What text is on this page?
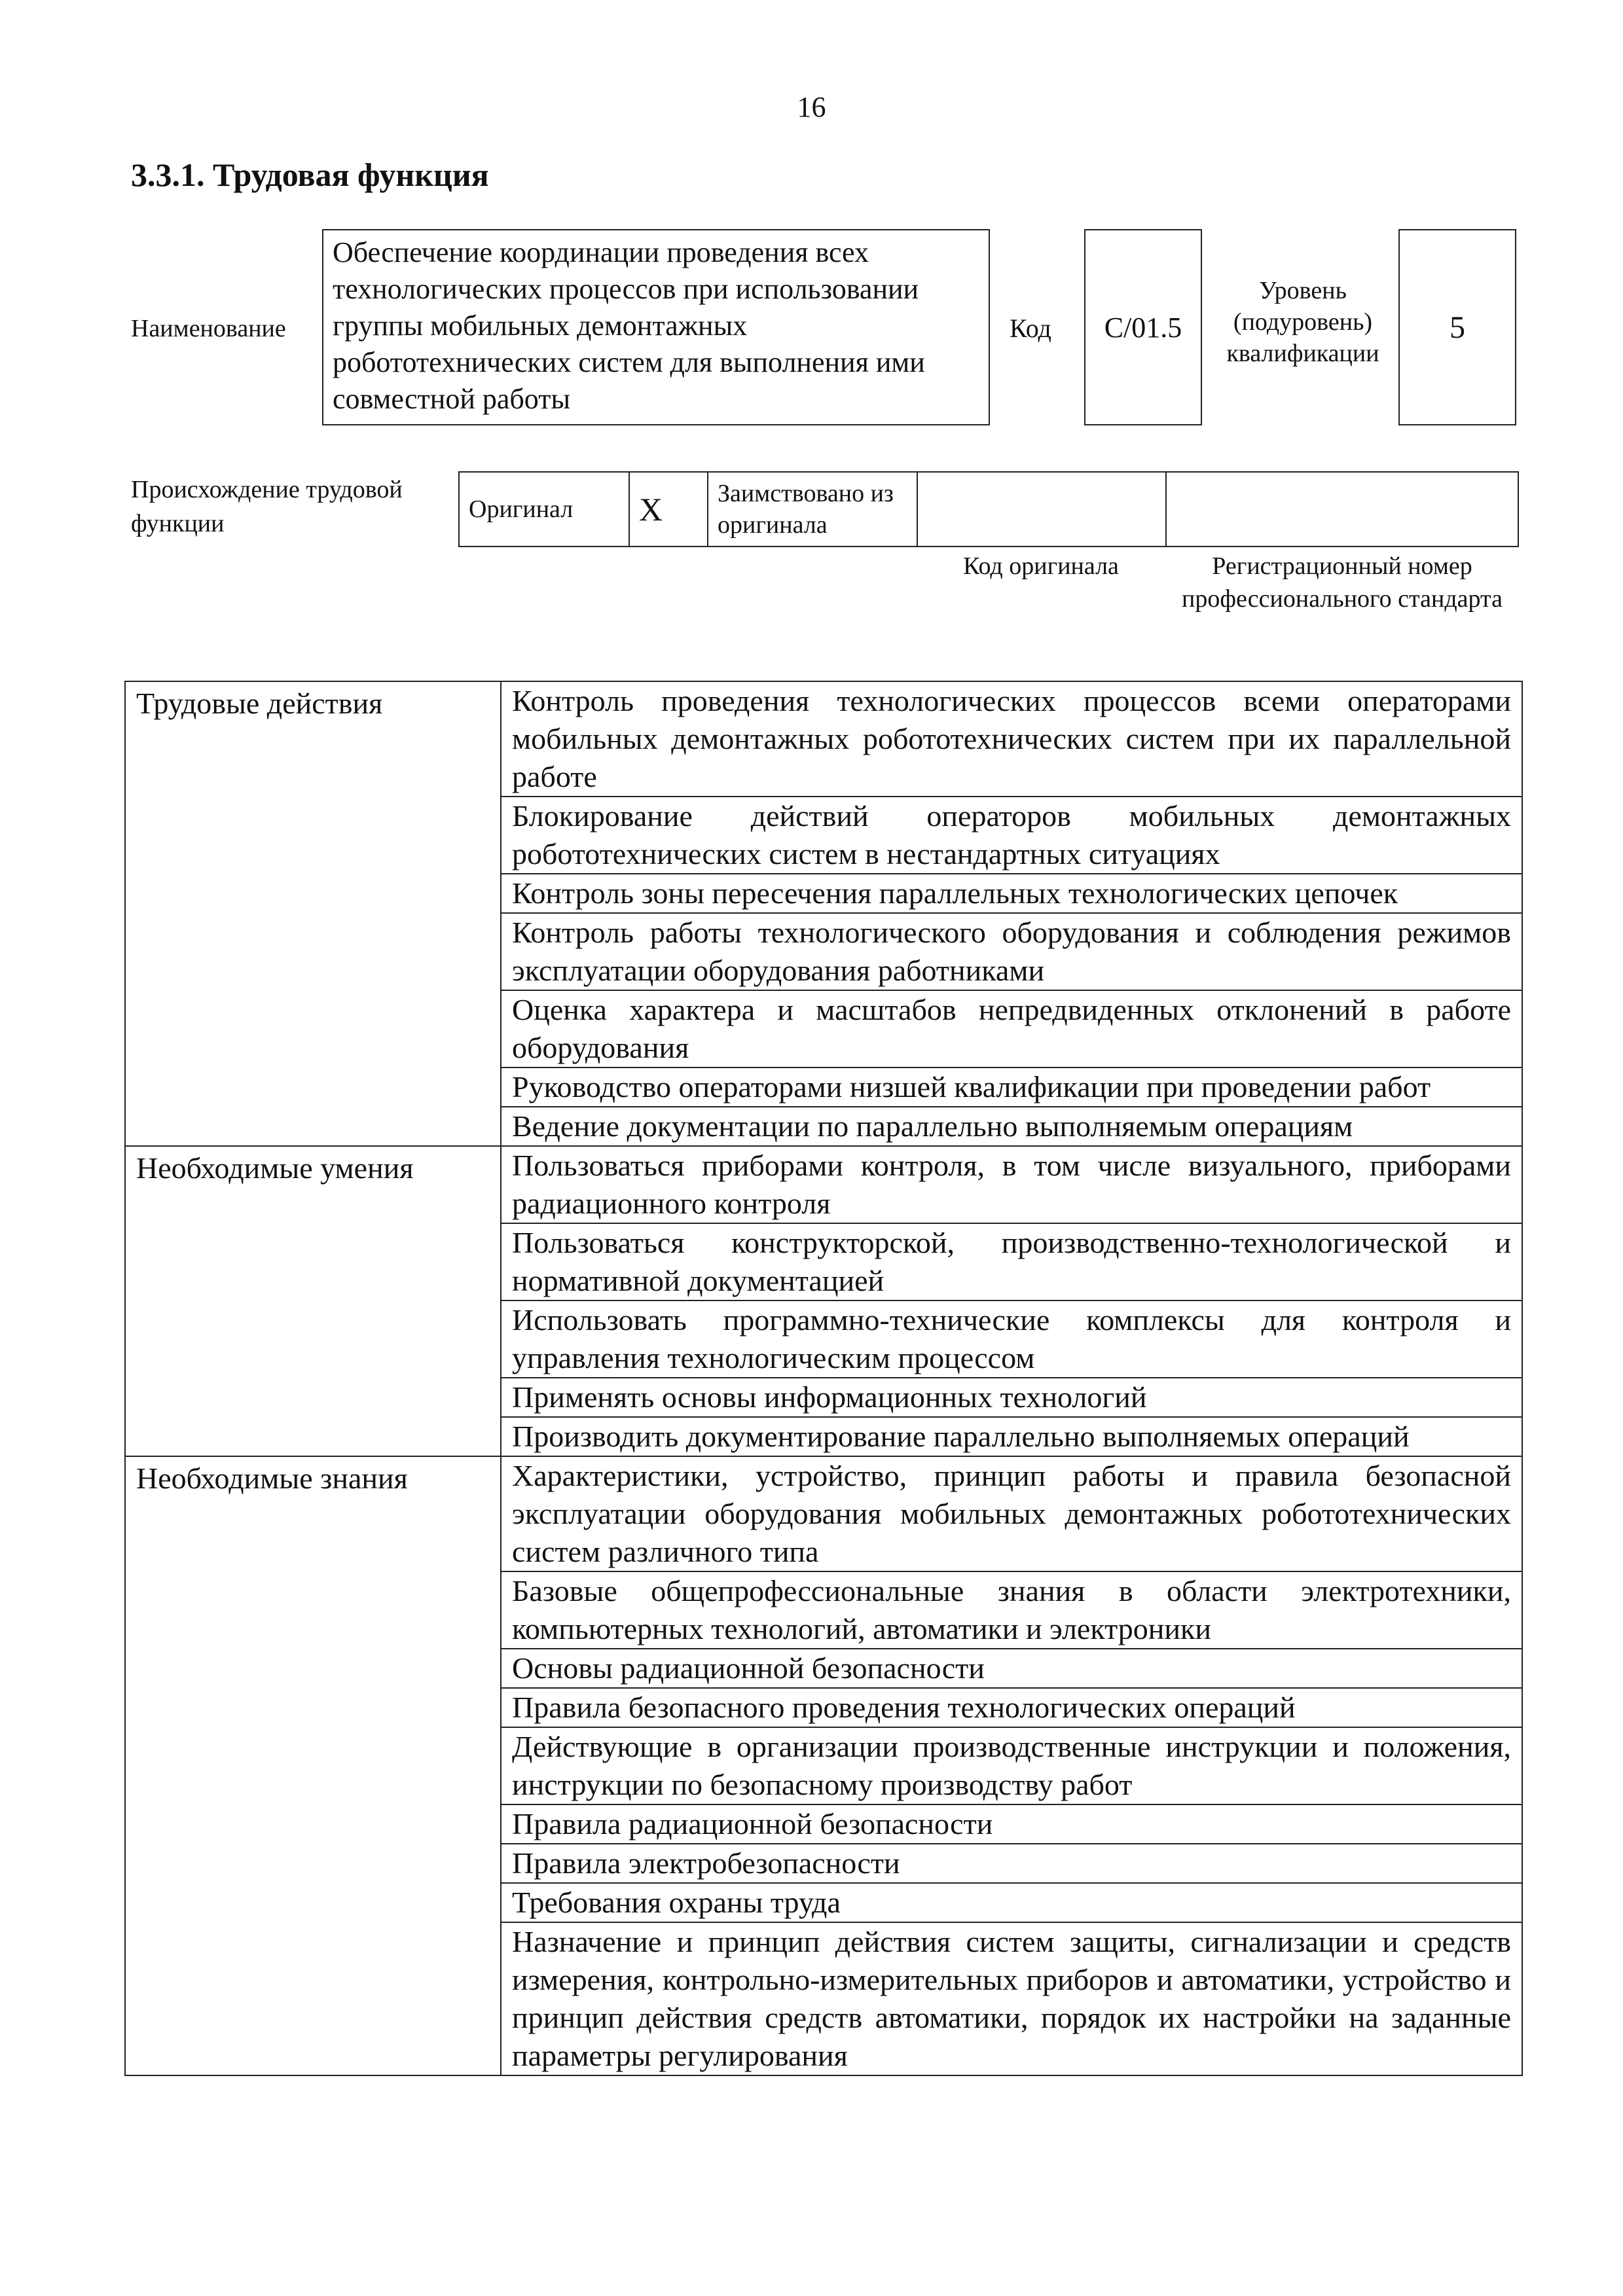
16
3.3.1. Трудовая функция
Наименование
Обеспечение координации проведения всех технологических процессов при использовании группы мобильных демонтажных робототехнических систем для выполнения ими совместной работы
Код	C/01.5
Уровень (подуровень) квалификации
5
Происхождение трудовой функции
Оригинал	X	Заимствовано из оригинала
Код оригинала	Регистрационный номер профессионального стандарта
Трудовые действия	Контроль проведения технологических процессов всеми операторами мобильных демонтажных робототехнических систем при их параллельной работе
	Блокирование действий операторов мобильных демонтажных робототехнических систем в нестандартных ситуациях
	Контроль зоны пересечения параллельных технологических цепочек
	Контроль работы технологического оборудования и соблюдения режимов эксплуатации оборудования работниками
	Оценка характера и масштабов непредвиденных отклонений в работе оборудования
	Руководство операторами низшей квалификации при проведении работ
	Ведение документации по параллельно выполняемым операциям
Необходимые умения	Пользоваться приборами контроля, в том числе визуального, приборами радиационного контроля
	Пользоваться конструкторской, производственно-технологической и нормативной документацией
	Использовать программно-технические комплексы для контроля и управления технологическим процессом
	Применять основы информационных технологий
	Производить документирование параллельно выполняемых операций
Необходимые знания	Характеристики, устройство, принцип работы и правила безопасной эксплуатации оборудования мобильных демонтажных робототехнических систем различного типа
	Базовые общепрофессиональные знания в области электротехники, компьютерных технологий, автоматики и электроники
	Основы радиационной безопасности
	Правила безопасного проведения технологических операций
	Действующие в организации производственные инструкции и положения, инструкции по безопасному производству работ
	Правила радиационной безопасности
	Правила электробезопасности
	Требования охраны труда
	Назначение и принцип действия систем защиты, сигнализации и средств измерения, контрольно-измерительных приборов и автоматики, устройство и принцип действия средств автоматики, порядок их настройки на заданные параметры регулирования
